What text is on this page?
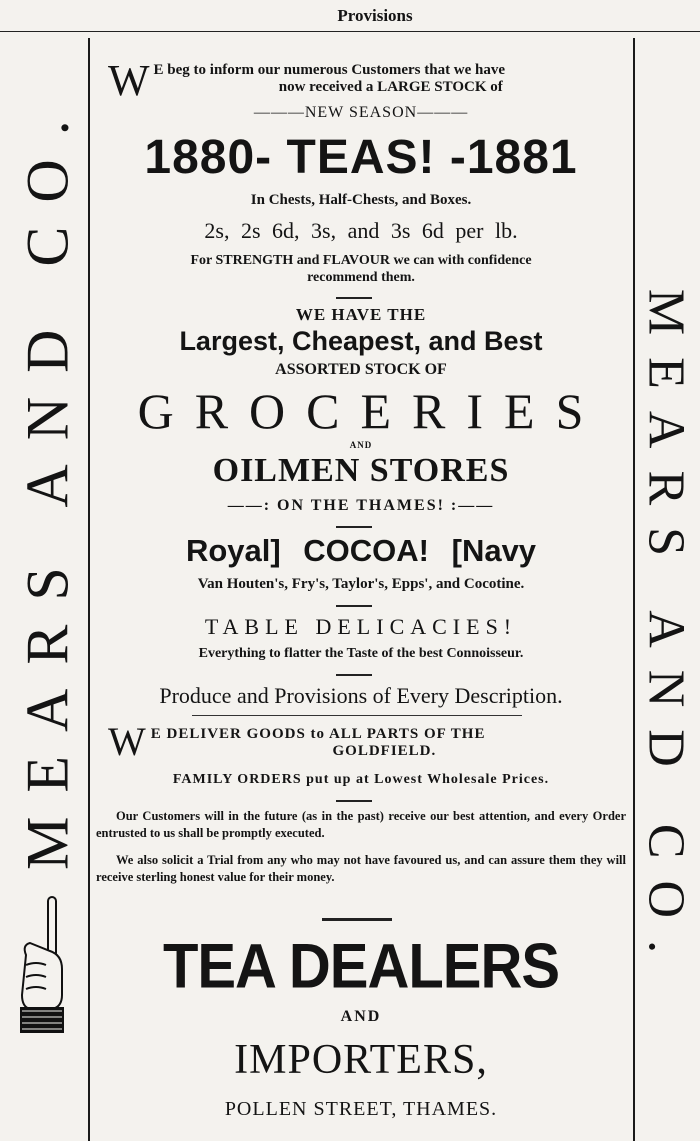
Provisions
MEARS AND CO.	MEARS AND CO.
W E beg to inform our numerous Customers that we have
now received a LARGE STOCK of
———NEW SEASON———
1880- TEAS! -1881
In Chests, Half-Chests, and Boxes.
2s, 2s 6d, 3s, and 3s 6d per lb.
For STRENGTH and FLAVOUR we can with confidence
recommend them.
WE HAVE THE
Largest, Cheapest, and Best
ASSORTED STOCK OF
GROCERIES
AND
OILMEN STORES
——: ON THE THAMES! :——
Royal] COCOA! [Navy
Van Houten's, Fry's, Taylor's, Epps', and Cocotine.
TABLE DELICACIES!
Everything to flatter the Taste of the best Connoisseur.
Produce and Provisions of Every Description.
W E DELIVER GOODS to ALL PARTS OF THE
GOLDFIELD.
FAMILY ORDERS put up at Lowest Wholesale Prices.
Our Customers will in the future (as in the past) receive our best attention, and every Order entrusted to us shall be promptly executed.
We also solicit a Trial from any who may not have favoured us, and can assure them they will receive sterling honest value for their money.
TEA DEALERS
AND
IMPORTERS,
POLLEN STREET, THAMES.
